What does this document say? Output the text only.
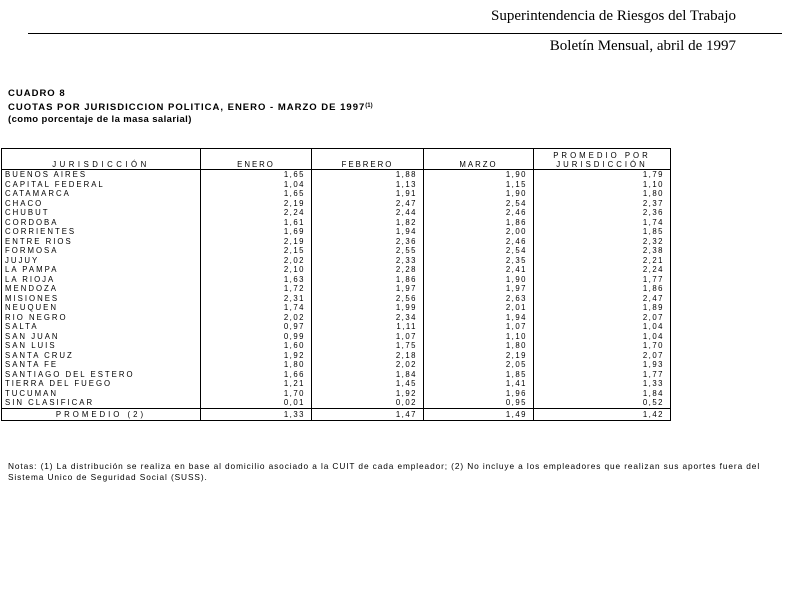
Superintendencia de Riesgos del Trabajo
Boletín Mensual, abril de 1997
CUADRO 8
CUOTAS POR JURISDICCION POLITICA, ENERO - MARZO DE 1997$^{(1)}$
(como porcentaje de la masa salarial)
JURISDICCIÓN	ENERO	FEBRERO	MARZO	PROMEDIO POR
JURISDICCIÓN
BUENOS AIRES	1,65	1,88	1,90	1,79
CAPITAL FEDERAL	1,04	1,13	1,15	1,10
CATAMARCA	1,65	1,91	1,90	1,80
CHACO	2,19	2,47	2,54	2,37
CHUBUT	2,24	2,44	2,46	2,36
CORDOBA	1,61	1,82	1,86	1,74
CORRIENTES	1,69	1,94	2,00	1,85
ENTRE RIOS	2,19	2,36	2,46	2,32
FORMOSA	2,15	2,55	2,54	2,38
JUJUY	2,02	2,33	2,35	2,21
LA PAMPA	2,10	2,28	2,41	2,24
LA RIOJA	1,63	1,86	1,90	1,77
MENDOZA	1,72	1,97	1,97	1,86
MISIONES	2,31	2,56	2,63	2,47
NEUQUEN	1,74	1,99	2,01	1,89
RIO NEGRO	2,02	2,34	1,94	2,07
SALTA	0,97	1,11	1,07	1,04
SAN JUAN	0,99	1,07	1,10	1,04
SAN LUIS	1,60	1,75	1,80	1,70
SANTA CRUZ	1,92	2,18	2,19	2,07
SANTA FE	1,80	2,02	2,05	1,93
SANTIAGO DEL ESTERO	1,66	1,84	1,85	1,77
TIERRA DEL FUEGO	1,21	1,45	1,41	1,33
TUCUMAN	1,70	1,92	1,96	1,84
SIN CLASIFICAR	0,01	0,02	0,95	0,52
PROMEDIO (2)	1,33	1,47	1,49	1,42
Notas: (1) La distribución se realiza en base al domicilio asociado a la CUIT de cada empleador; (2) No incluye a los empleadores que realizan sus aportes fuera del Sistema Unico de Seguridad Social (SUSS).
